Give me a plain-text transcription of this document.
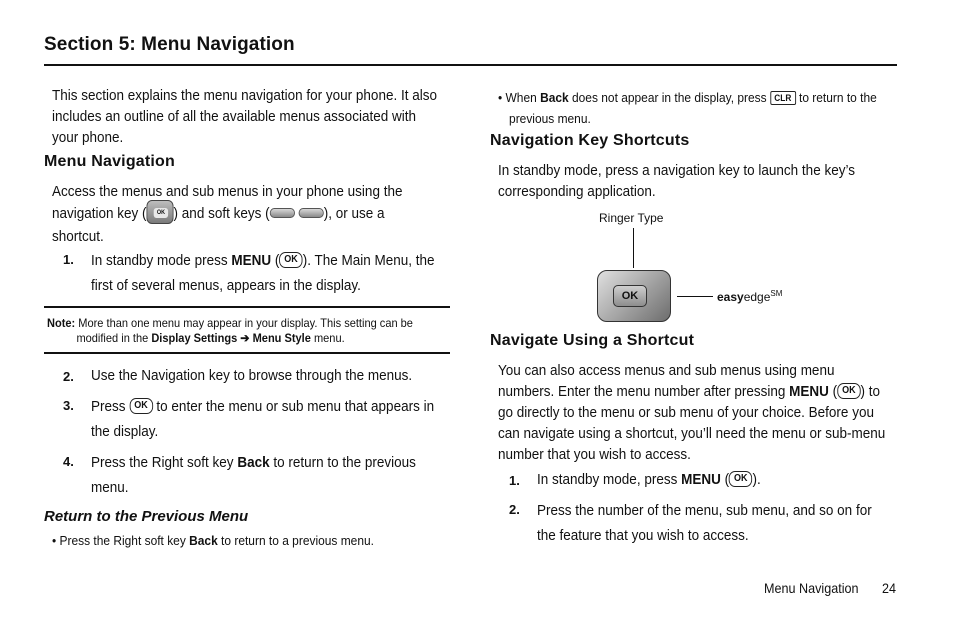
Section 5: Menu Navigation
This section explains the menu navigation for your phone. It also
includes an outline of all the available menus associated with
your phone.
Menu Navigation
Access the menus and sub menus in your phone using the
navigation key (	OK ) and soft keys (	), or use a
shortcut.
1. In standby mode press MENU ( OK ). The Main Menu, the
first of several menus, appears in the display.
Note: More than one menu may appear in your display. This setting can be
modified in the Display Settings ➔ Menu Style menu.
2. Use the Navigation key to browse through the menus.
3. Press OK to enter the menu or sub menu that appears in
the display.
4. Press the Right soft key Back to return to the previous
menu.
Return to the Previous Menu
• Press the Right soft key Back to return to a previous menu.
• When Back does not appear in the display, press CLR to return to the
previous menu.
Navigation Key Shortcuts
In standby mode, press a navigation key to launch the key’s
corresponding application.
Ringer Type
OK	easyedge℠
Navigate Using a Shortcut
You can also access menus and sub menus using menu
numbers. Enter the menu number after pressing MENU ( OK ) to
go directly to the menu or sub menu of your choice. Before you
can navigate using a shortcut, you’ll need the menu or sub-menu
number that you wish to access.
1. In standby mode, press MENU ( OK ).
2. Press the number of the menu, sub menu, and so on for
the feature that you wish to access.
Menu Navigation 24
